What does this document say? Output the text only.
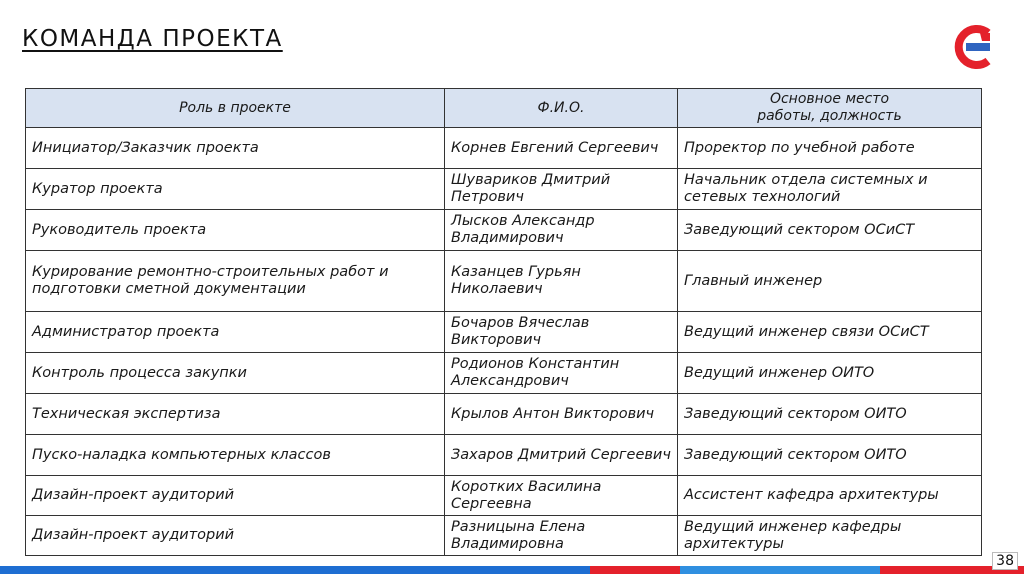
КОМАНДА ПРОЕКТА
Роль в проекте	Ф.И.О.	Основное место работы, должность
Инициатор/Заказчик проекта	Корнев Евгений Сергеевич	Проректор по учебной работе
Куратор проекта	Шувариков Дмитрий Петрович	Начальник отдела системных и сетевых технологий
Руководитель проекта	Лысков Александр Владимирович	Заведующий сектором ОСиСТ
Курирование ремонтно-строительных работ и подготовки сметной документации	Казанцев Гурьян Николаевич	Главный инженер
Администратор проекта	Бочаров Вячеслав Викторович	Ведущий инженер связи ОСиСТ
Контроль процесса закупки	Родионов Константин Александрович	Ведущий инженер ОИТО
Техническая экспертиза	Крылов Антон Викторович	Заведующий сектором ОИТО
Пуско-наладка компьютерных классов	Захаров Дмитрий Сергеевич	Заведующий сектором ОИТО
Дизайн-проект аудиторий	Коротких Василина Сергеевна	Ассистент кафедра архитектуры
Дизайн-проект аудиторий	Разницына Елена Владимировна	Ведущий инженер кафедры архитектуры
38
